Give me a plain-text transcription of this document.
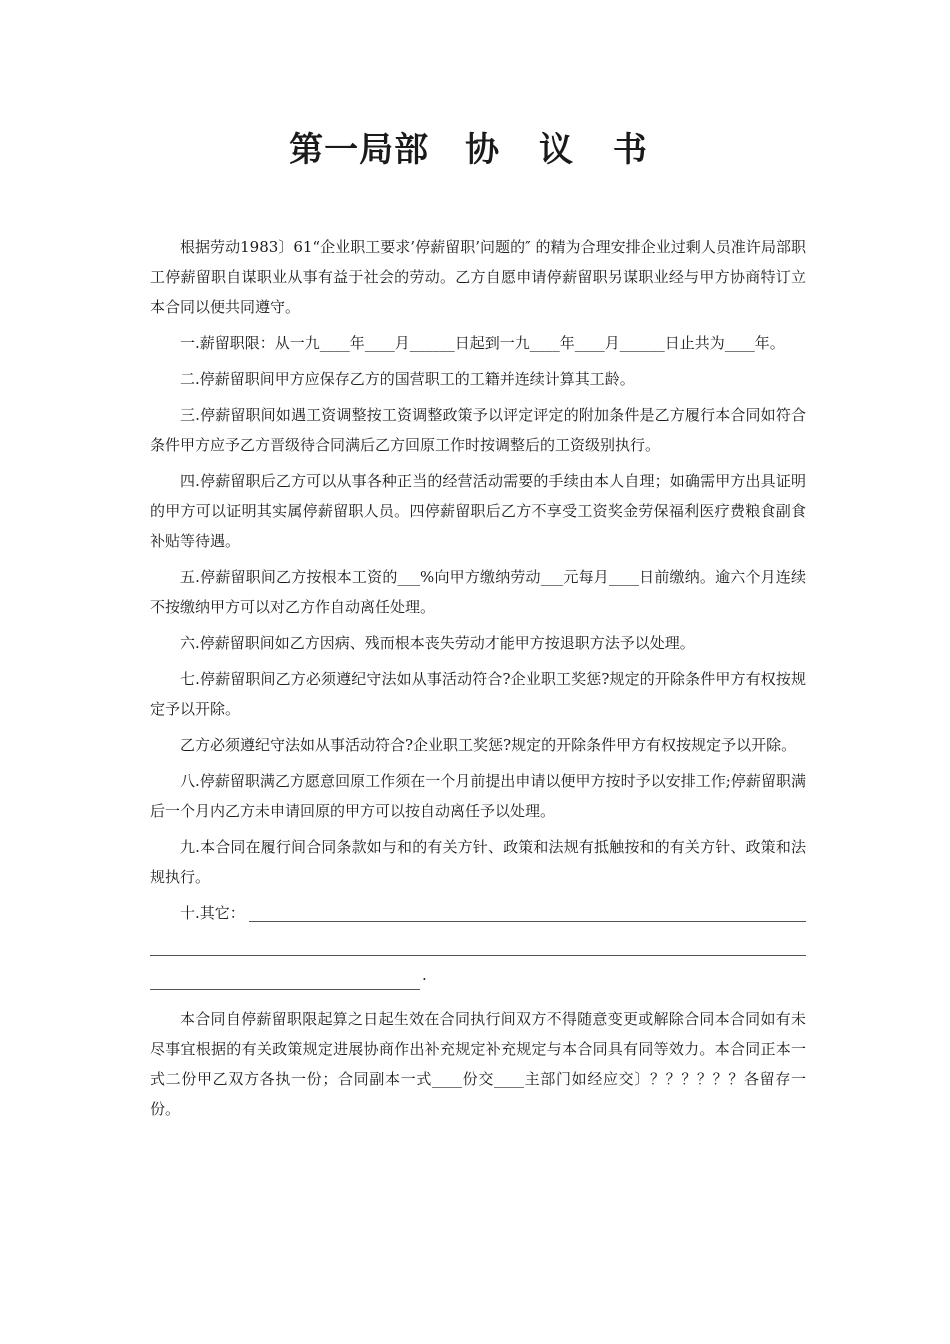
第一局部 协 议 书

根据劳动1983〕61“企业职工要求’停薪留职’问题的″ 的精为合理安排企业过剩人员准许局部职工停薪留职自谋职业从事有益于社会的劳动。乙方自愿申请停薪留职另谋职业经与甲方协商特订立本合同以便共同遵守。

一.薪留职限：从一九____年____月______日起到一九____年____月______日止共为____年。

二.停薪留职间甲方应保存乙方的国营职工的工籍并连续计算其工龄。

三.停薪留职间如遇工资调整按工资调整政策予以评定评定的附加条件是乙方履行本合同如符合条件甲方应予乙方晋级待合同满后乙方回原工作时按调整后的工资级别执行。

四.停薪留职后乙方可以从事各种正当的经营活动需要的手续由本人自理；如确需甲方出具证明的甲方可以证明其实属停薪留职人员。四停薪留职后乙方不享受工资奖金劳保福利医疗费粮食副食补贴等待遇。

五.停薪留职间乙方按根本工资的___%向甲方缴纳劳动___元每月____日前缴纳。逾六个月连续不按缴纳甲方可以对乙方作自动离任处理。

六.停薪留职间如乙方因病、残而根本丧失劳动才能甲方按退职方法予以处理。

七.停薪留职间乙方必须遵纪守法如从事活动符合?企业职工奖惩?规定的开除条件甲方有权按规定予以开除。

乙方必须遵纪守法如从事活动符合?企业职工奖惩?规定的开除条件甲方有权按规定予以开除。

八.停薪留职满乙方愿意回原工作须在一个月前提出申请以便甲方按时予以安排工作;停薪留职满后一个月内乙方未申请回原的甲方可以按自动离任予以处理。

九.本合同在履行间合同条款如与和的有关方针、政策和法规有抵触按和的有关方针、政策和法规执行。

十.其它：
.

本合同自停薪留职限起算之日起生效在合同执行间双方不得随意变更或解除合同本合同如有未尽事宜根据的有关政策规定进展协商作出补充规定补充规定与本合同具有同等效力。本合同正本一式二份甲乙双方各执一份；合同副本一式____份交____主部门如经应交〕？？？？？？各留存一份。
